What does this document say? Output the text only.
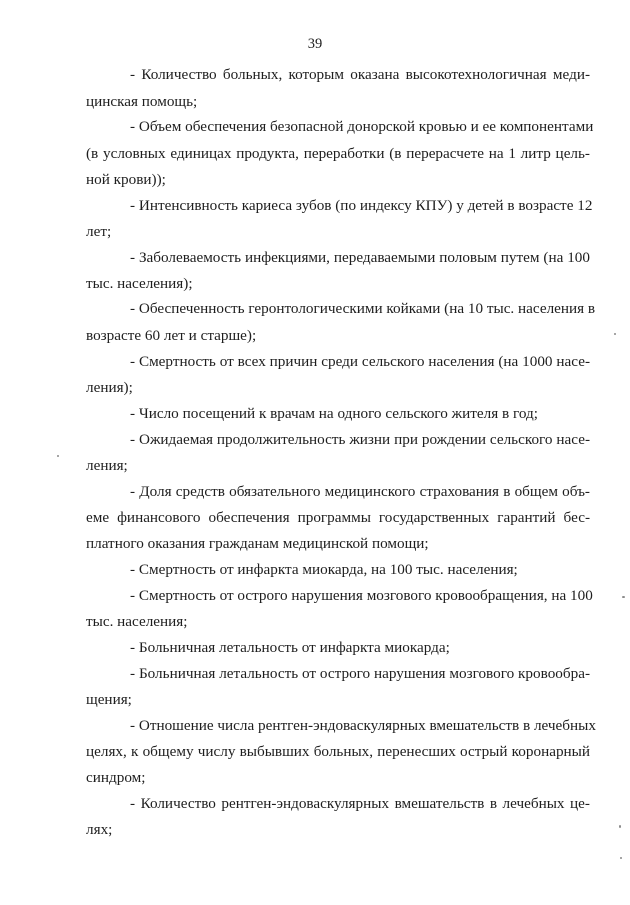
39
- Количество больных, которым оказана высокотехнологичная меди-
цинская помощь;
- Объем обеспечения безопасной донорской кровью и ее компонентами
(в условных единицах продукта, переработки (в перерасчете на 1 литр цель-
ной крови));
- Интенсивность кариеса зубов (по индексу КПУ) у детей в возрасте 12
лет;
- Заболеваемость инфекциями, передаваемыми половым путем (на 100
тыс. населения);
- Обеспеченность геронтологическими койками (на 10 тыс. населения в
возрасте 60 лет и старше);
- Смертность от всех причин среди сельского населения (на 1000 насе-
ления);
- Число посещений к врачам на одного сельского жителя в год;
- Ожидаемая продолжительность жизни при рождении сельского насе-
ления;
- Доля средств обязательного медицинского страхования в общем объ-
еме финансового обеспечения программы государственных гарантий бес-
платного оказания гражданам медицинской помощи;
- Смертность от инфаркта миокарда, на 100 тыс. населения;
- Смертность от острого нарушения мозгового кровообращения, на 100
тыс. населения;
- Больничная летальность от инфаркта миокарда;
- Больничная летальность от острого нарушения мозгового кровообра-
щения;
- Отношение числа рентген-эндоваскулярных вмешательств в лечебных
целях, к общему числу выбывших больных, перенесших острый коронарный
синдром;
- Количество рентген-эндоваскулярных вмешательств в лечебных це-
лях;
